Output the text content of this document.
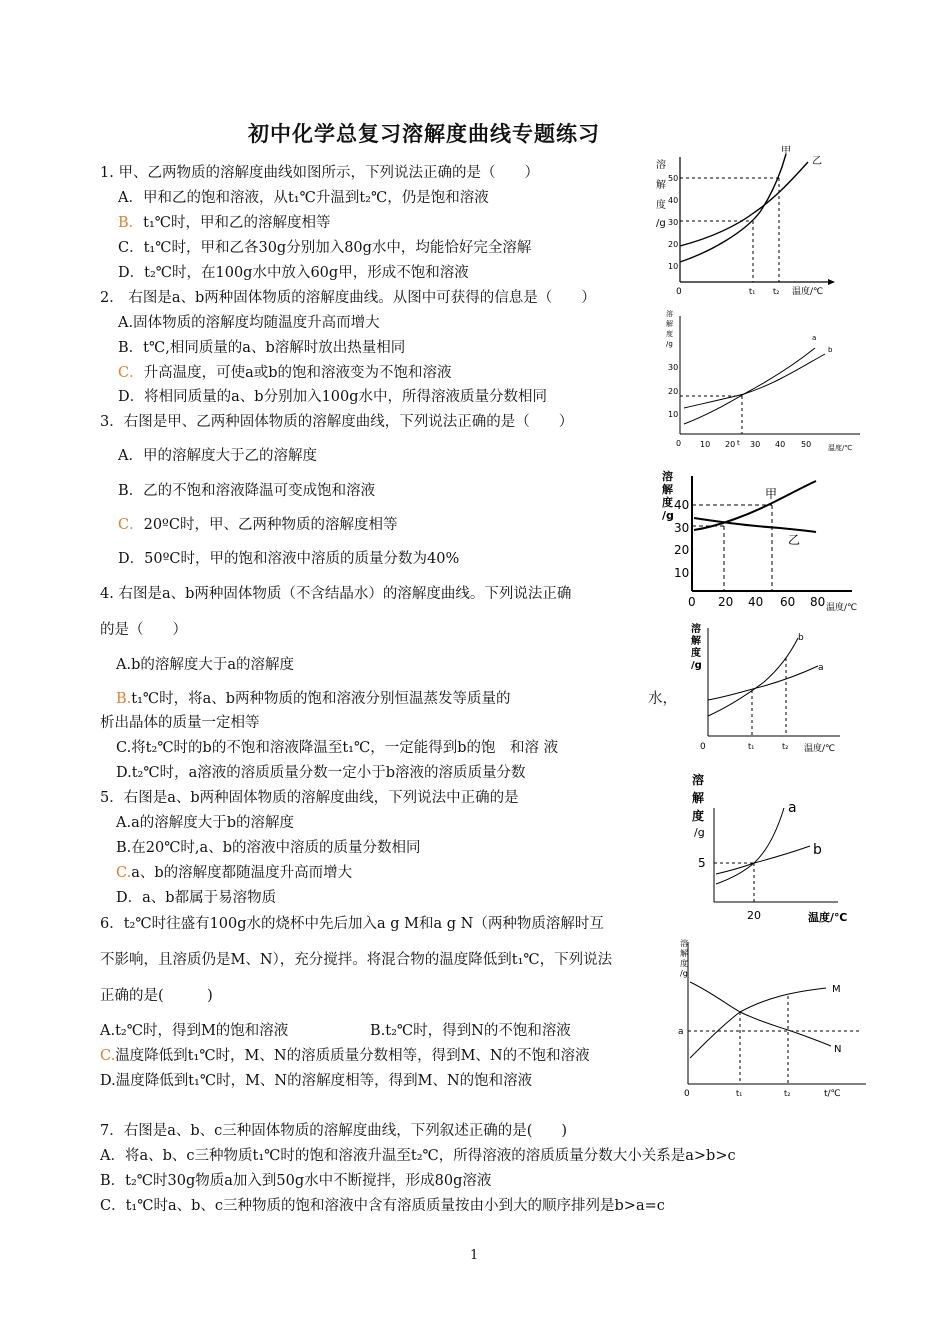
初中化学总复习溶解度曲线专题练习
1. 甲、乙两物质的溶解度曲线如图所示，下列说法正确的是（　　）
A．甲和乙的饱和溶液，从t₁℃升温到t₂℃，仍是饱和溶液
B．t₁℃时，甲和乙的溶解度相等
C．t₁℃时，甲和乙各30g分别加入80g水中，均能恰好完全溶解
D．t₂℃时，在100g水中放入60g甲，形成不饱和溶液
2． 右图是a、b两种固体物质的溶解度曲线。从图中可获得的信息是（　　）
A.固体物质的溶解度均随温度升高而增大
B．t℃,相同质量的a、b溶解时放出热量相同
C．升高温度，可使a或b的饱和溶液变为不饱和溶液
D．将相同质量的a、b分别加入100g水中，所得溶液质量分数相同
3．右图是甲、乙两种固体物质的溶解度曲线，下列说法正确的是（　　）
A．甲的溶解度大于乙的溶解度
B．乙的不饱和溶液降温可变成饱和溶液
C．20ºC时，甲、乙两种物质的溶解度相等
D．50ºC时，甲的饱和溶液中溶质的质量分数为40%
4. 右图是a、b两种固体物质（不含结晶水）的溶解度曲线。下列说法正确
的是（　　）
A.b的溶解度大于a的溶解度
B.t₁℃时，将a、b两种物质的饱和溶液分别恒温蒸发等质量的	水，
析出晶体的质量一定相等
C.将t₂℃时的b的不饱和溶液降温至t₁℃，一定能得到b的饱　和溶 液
D.t₂℃时，a溶液的溶质质量分数一定小于b溶液的溶质质量分数
5．右图是a、b两种固体物质的溶解度曲线，下列说法中正确的是
A.a的溶解度大于b的溶解度
B.在20℃时,a、b的溶液中溶质的质量分数相同
C.a、b的溶解度都随温度升高而增大
D．a、b都属于易溶物质
6．t₂℃时往盛有100g水的烧杯中先后加入a g M和a g N（两种物质溶解时互
不影响，且溶质仍是M、N），充分搅拌。将混合物的温度降低到t₁℃，下列说法
正确的是(　　　)
A.t₂℃时，得到M的饱和溶液	B.t₂℃时，得到N的不饱和溶液
C.温度降低到t₁℃时，M、N的溶质质量分数相等，得到M、N的不饱和溶液
D.温度降低到t₁℃时，M、N的溶解度相等，得到M、N的饱和溶液
7．右图是a、b、c三种固体物质的溶解度曲线，下列叙述正确的是(　　)
A．将a、b、c三种物质t₁℃时的饱和溶液升温至t₂℃，所得溶液的溶质质量分数大小关系是a>b>c
B．t₂℃时30g物质a加入到50g水中不断搅拌，形成80g溶液
C．t₁℃时a、b、c三种物质的饱和溶液中含有溶质质量按由小到大的顺序排列是b>a=c
溶
解
度
/g
50
40
30
20
10
0	t₁ t₂ 温度/℃
甲
乙
溶
解
度
/g
30
20
10
0 10 20 t 30 40 50 温度/℃
a
b
溶
解
度
/g
40
30
20
10
0 20 40 60 80 温度/℃
甲
乙
溶
解
度
/g
0	t₁	t₂ 温度/℃
b
a
溶
解
度
/g
5
20	温度/℃
a
b
溶
解
度
/g
a
0	t₁	t₂	t/℃
M
N
1
